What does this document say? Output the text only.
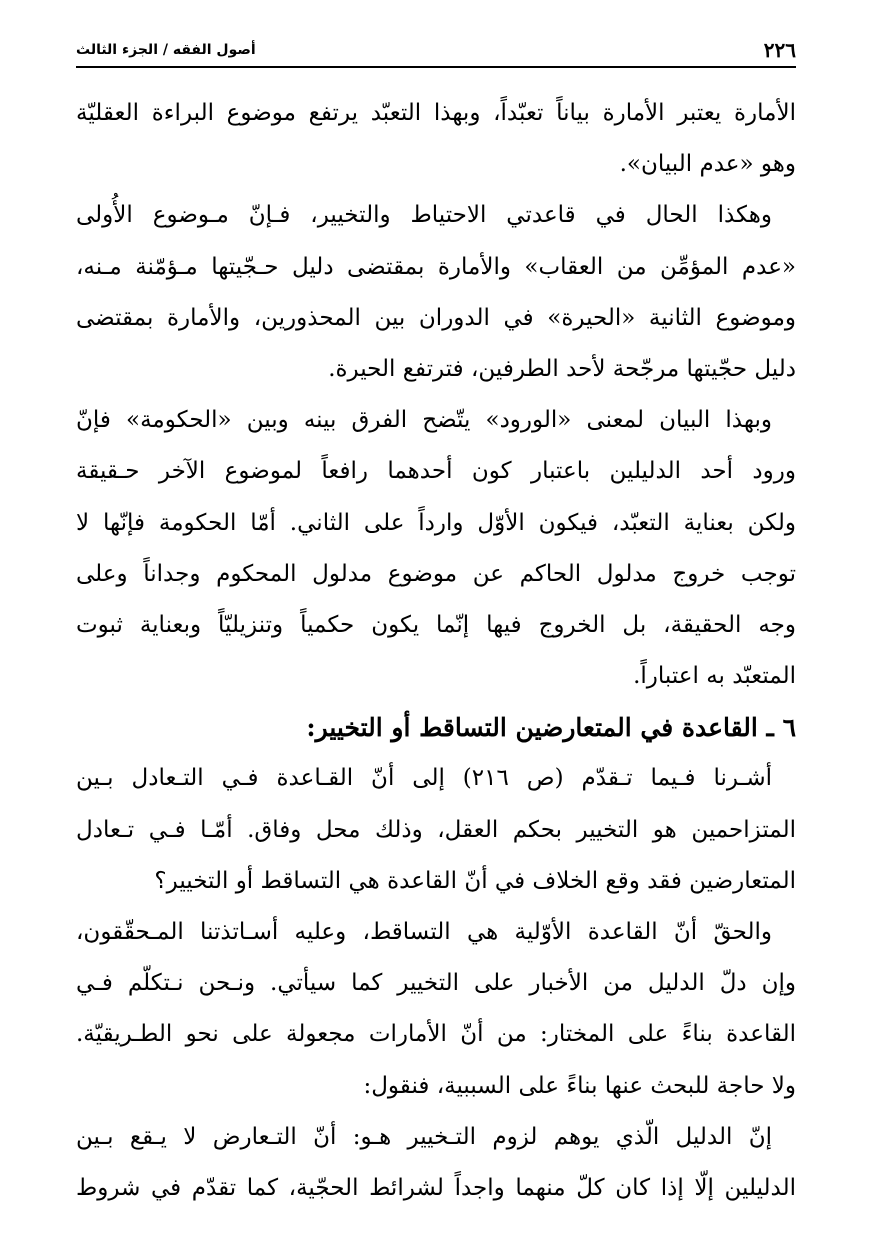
٢٢٦
أصول الفقه / الجزء الثالث
الأمارة يعتبر الأمارة بياناً تعبّداً، وبهذا التعبّد يرتفع موضوع البراءة العقليّة
وهو «عدم البيان».
وهكذا الحال في قاعدتي الاحتياط والتخيير، فـإنّ مـوضوع الأُولى
«عدم المؤمِّن من العقاب» والأمارة بمقتضى دليل حـجّيتها مـؤمّنة مـنه،
وموضوع الثانية «الحيرة» في الدوران بين المحذورين، والأمارة بمقتضى
دليل حجّيتها مرجّحة لأحد الطرفين، فترتفع الحيرة.
وبهذا البيان لمعنى «الورود» يتّضح الفرق بينه وبين «الحكومة» فإنّ
ورود أحد الدليلين باعتبار كون أحدهما رافعاً لموضوع الآخر حـقيقة
ولكن بعناية التعبّد، فيكون الأوّل وارداً على الثاني. أمّا الحكومة فإنّها لا
توجب خروج مدلول الحاكم عن موضوع مدلول المحكوم وجداناً وعلى
وجه الحقيقة، بل الخروج فيها إنّما يكون حكمياً وتنزيليّاً وبعناية ثبوت
المتعبّد به اعتباراً.
٦ ـ القاعدة في المتعارضين التساقط أو التخيير:
أشـرنا فـيما تـقدّم (ص ٢١٦) إلى أنّ القـاعدة فـي التـعادل بـين
المتزاحمين هو التخيير بحكم العقل، وذلك محل وفاق. أمّـا فـي تـعادل
المتعارضين فقد وقع الخلاف في أنّ القاعدة هي التساقط أو التخيير؟
والحقّ أنّ القاعدة الأوّلية هي التساقط، وعليه أسـاتذتنا المـحقّقون،
وإن دلّ الدليل من الأخبار على التخيير كما سيأتي. ونـحن نـتكلّم فـي
القاعدة بناءً على المختار: من أنّ الأمارات مجعولة على نحو الطـريقيّة.
ولا حاجة للبحث عنها بناءً على السببية، فنقول:
إنّ الدليل الّذي يوهم لزوم التـخيير هـو: أنّ التـعارض لا يـقع بـين
الدليلين إلّا إذا كان كلّ منهما واجداً لشرائط الحجّية، كما تقدّم في شروط
